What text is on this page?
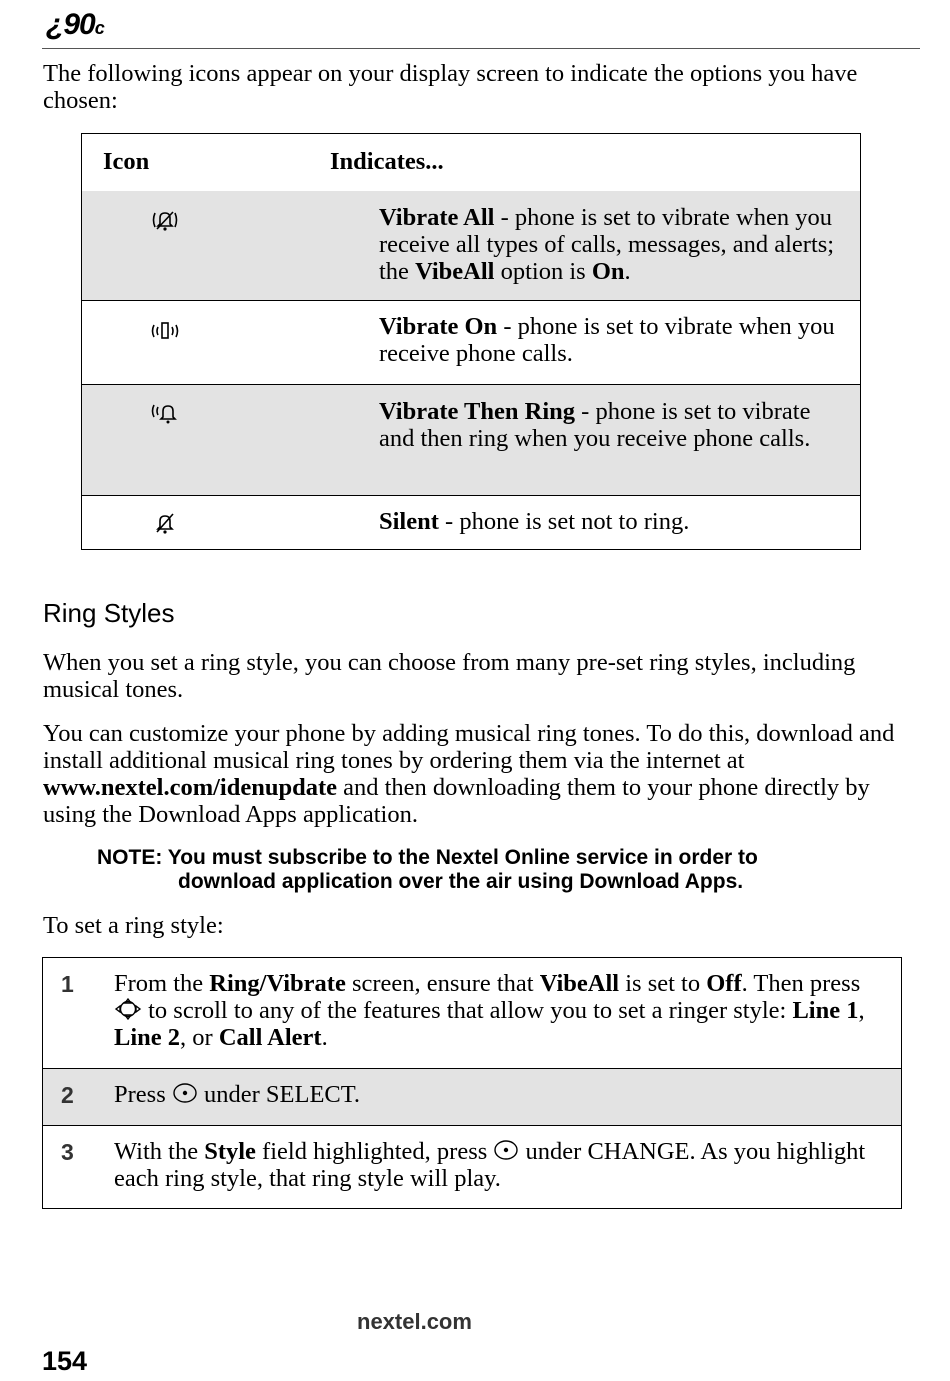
¿90c
The following icons appear on your display screen to indicate the options you have chosen:
Icon	Indicates...
Vibrate All - phone is set to vibrate when you receive all types of calls, messages, and alerts; the VibeAll option is On.
Vibrate On - phone is set to vibrate when you receive phone calls.
Vibrate Then Ring - phone is set to vibrate and then ring when you receive phone calls.
Silent - phone is set not to ring.
Ring Styles
When you set a ring style, you can choose from many pre-set ring styles, including musical tones.
You can customize your phone by adding musical ring tones. To do this, download and install additional musical ring tones by ordering them via the internet at www.nextel.com/idenupdate and then downloading them to your phone directly by using the Download Apps application.
NOTE: You must subscribe to the Nextel Online service in order to
download application over the air using Download Apps.
To set a ring style:
1 From the Ring/Vibrate screen, ensure that VibeAll is set to Off. Then press  to scroll to any of the features that allow you to set a ringer style: Line 1, Line 2, or Call Alert.
2 Press  under SELECT.
3 With the Style field highlighted, press  under CHANGE. As you highlight each ring style, that ring style will play.
nextel.com
154
